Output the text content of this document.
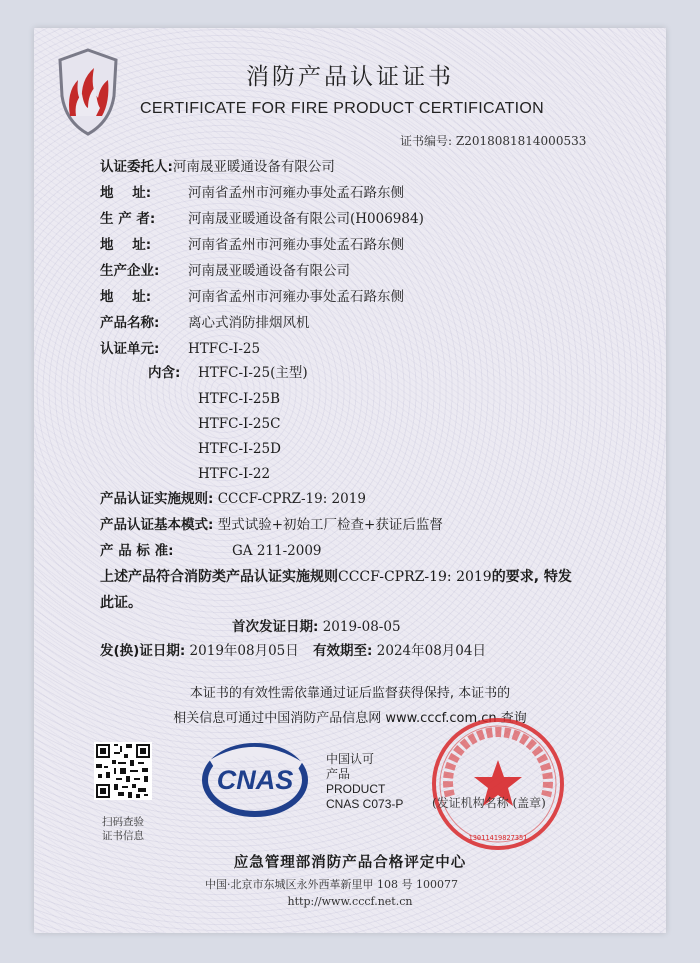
消防产品认证证书
CERTIFICATE FOR FIRE PRODUCT CERTIFICATION
证书编号: Z2018081814000533
认证委托人:河南晟亚暖通设备有限公司
地    址:	河南省孟州市河雍办事处孟石路东侧
生 产 者: 河南晟亚暖通设备有限公司(H006984)
地    址:	河南省孟州市河雍办事处孟石路东侧
生产企业: 河南晟亚暖通设备有限公司
地    址:	河南省孟州市河雍办事处孟石路东侧
产品名称: 离心式消防排烟风机
认证单元: HTFC-I-25
内含: HTFC-I-25(主型)
HTFC-I-25B
HTFC-I-25C
HTFC-I-25D
HTFC-I-22
产品认证实施规则: CCCF-CPRZ-19: 2019
产品认证基本模式: 型式试验+初始工厂检查+获证后监督
产 品 标 准:	GA 211-2009
上述产品符合消防类产品认证实施规则CCCF-CPRZ-19: 2019的要求, 特发
此证。
首次发证日期: 2019-08-05
发(换)证日期: 2019年08月05日 有效期至: 2024年08月04日
本证书的有效性需依靠通过证后监督获得保持, 本证书的
相关信息可通过中国消防产品信息网 www.cccf.com.cn 查询
扫码查验
证书信息
CNAS
中国认可
产品
PRODUCT
CNAS C073-P
13011419827351
(发证机构名称 (盖章)
应急管理部消防产品合格评定中心
中国·北京市东城区永外西革新里甲 108 号 100077
http://www.cccf.net.cn
